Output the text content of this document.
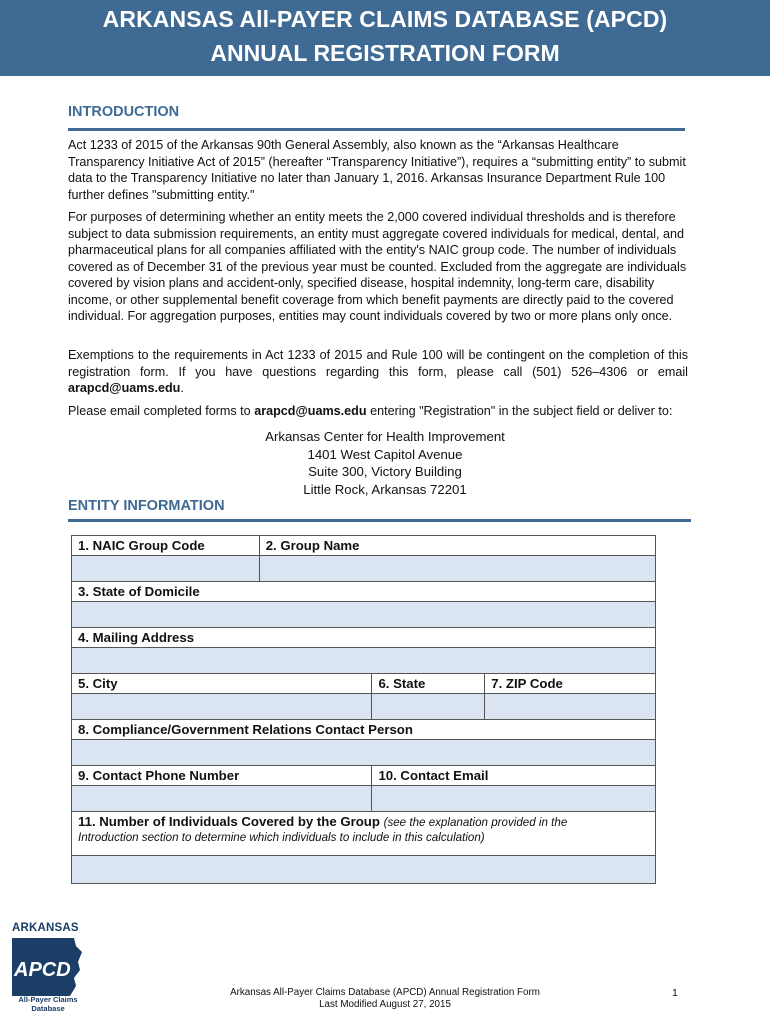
ARKANSAS All-PAYER CLAIMS DATABASE (APCD)
ANNUAL REGISTRATION FORM
INTRODUCTION
Act 1233 of 2015 of the Arkansas 90th General Assembly, also known as the “Arkansas Healthcare Transparency Initiative Act of 2015” (hereafter “Transparency Initiative”), requires a “submitting entity” to submit data to the Transparency Initiative no later than January 1, 2016. Arkansas Insurance Department Rule 100 further defines "submitting entity."
For purposes of determining whether an entity meets the 2,000 covered individual thresholds and is therefore subject to data submission requirements, an entity must aggregate covered individuals for medical, dental, and pharmaceutical plans for all companies affiliated with the entity's NAIC group code. The number of individuals covered as of December 31 of the previous year must be counted. Excluded from the aggregate are individuals covered by vision plans and accident-only, specified disease, hospital indemnity, long-term care, disability income, or other supplemental benefit coverage from which benefit payments are directly paid to the covered individual. For aggregation purposes, entities may count individuals covered by two or more plans only once.
Exemptions to the requirements in Act 1233 of 2015 and Rule 100 will be contingent on the completion of this registration form. If you have questions regarding this form, please call (501) 526–4306 or email arapcd@uams.edu.
Please email completed forms to arapcd@uams.edu entering "Registration" in the subject field or deliver to:
Arkansas Center for Health Improvement
1401 West Capitol Avenue
Suite 300, Victory Building
Little Rock, Arkansas 72201
ENTITY INFORMATION
1. NAIC Group Code	2. Group Name		

3. State of Domicile			

4. Mailing Address			

5. City		6. State	7. ZIP Code

8. Compliance/Government Relations Contact Person			

9. Contact Phone Number		10. Contact Email	

11. Number of Individuals Covered by the Group (see the explanation provided in the
Introduction section to determine which individuals to include in this calculation)			

ARKANSAS
APCD
All-Payer Claims
Database
Arkansas All-Payer Claims Database (APCD) Annual Registration Form
Last Modified August 27, 2015
1
